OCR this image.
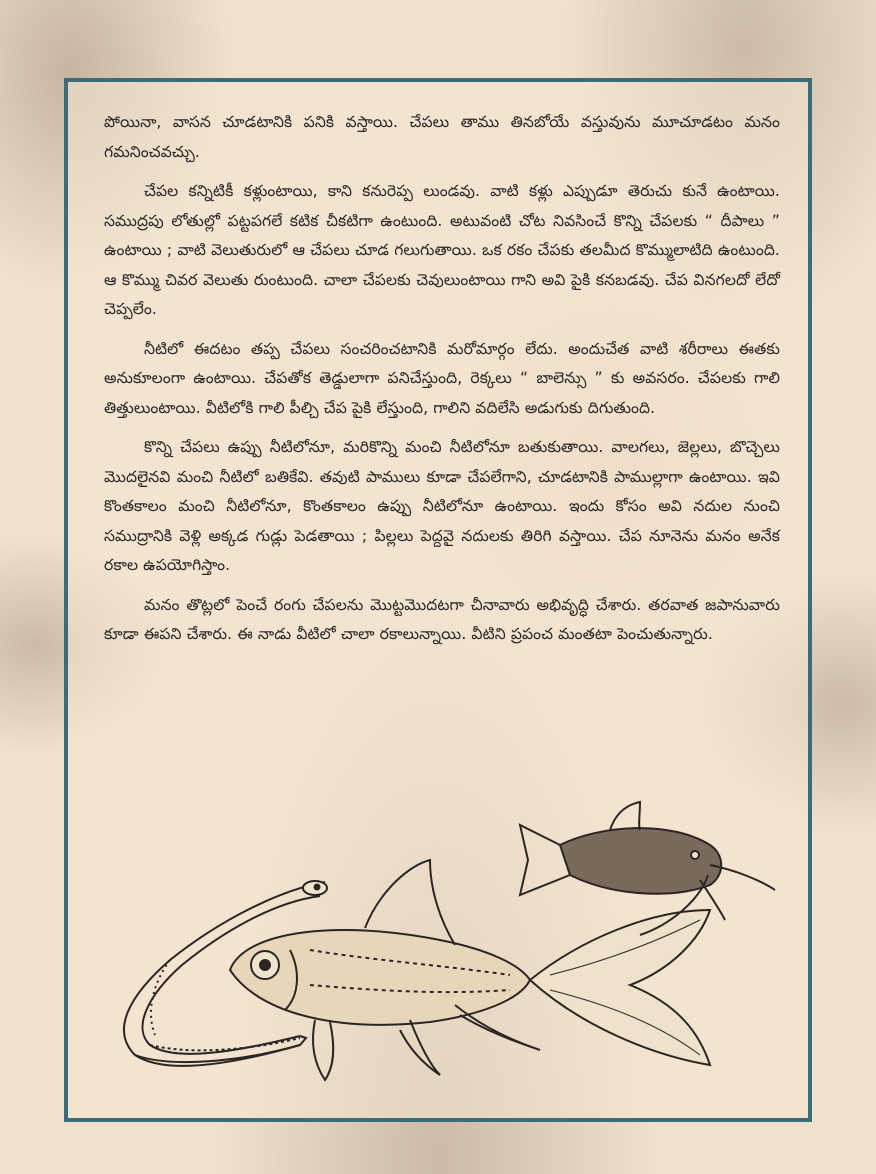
పోయినా, వాసన చూడటానికి పనికి వస్తాయి. చేపలు తాము తినబోయే వస్తువును మూచూడటం మనం గమనించవచ్చు.

చేపల కన్నిటికీ కళ్లుంటాయి, కాని కనురెప్ప లుండవు. వాటి కళ్లు ఎప్పుడూ తెరుచు కునే ఉంటాయి. సముద్రపు లోతుల్లో పట్టపగలే కటిక చీకటిగా ఉంటుంది. అటువంటి చోట నివసించే కొన్ని చేపలకు “ దీపాలు ” ఉంటాయి ; వాటి వెలుతురులో ఆ చేపలు చూడ గలుగుతాయి. ఒక రకం చేపకు తలమీద కొమ్ములాటిది ఉంటుంది. ఆ కొమ్ము చివర వెలుతు రుంటుంది. చాలా చేపలకు చెవులుంటాయి గాని అవి పైకి కనబడవు. చేప వినగలదో లేదో చెప్పలేం.

నీటిలో ఈదటం తప్ప చేపలు సంచరించటానికి మరోమార్గం లేదు. అందుచేత వాటి శరీరాలు ఈతకు అనుకూలంగా ఉంటాయి. చేపతోక తెడ్డులాగా పనిచేస్తుంది, రెక్కలు “ బాలెన్సు ” కు అవసరం. చేపలకు గాలి తిత్తులుంటాయి. వీటిలోకి గాలి పీల్చి చేప పైకి లేస్తుంది, గాలిని వదిలేసి అడుగుకు దిగుతుంది.

కొన్ని చేపలు ఉప్పు నీటిలోనూ, మరికొన్ని మంచి నీటిలోనూ బతుకుతాయి. వాలగలు, జెల్లలు, బొచ్చెలు మొదలైనవి మంచి నీటిలో బతికేవి. తవుటి పాములు కూడా చేపలేగాని, చూడటానికి పాముల్లాగా ఉంటాయి. ఇవి కొంతకాలం మంచి నీటిలోనూ, కొంతకాలం ఉప్పు నీటిలోనూ ఉంటాయి. ఇందు కోసం అవి నదుల నుంచి సముద్రానికి వెళ్లి అక్కడ గుడ్లు పెడతాయి ; పిల్లలు పెద్దవై నదులకు తిరిగి వస్తాయి. చేప నూనెను మనం అనేక రకాల ఉపయోగిస్తాం.

మనం తొట్లలో పెంచే రంగు చేపలను మొట్టమొదటగా చీనావారు అభివృద్ధి చేశారు. తరవాత జపానువారు కూడా ఈపని చేశారు. ఈ నాడు వీటిలో చాలా రకాలున్నాయి. వీటిని ప్రపంచ మంతటా పెంచుతున్నారు.
